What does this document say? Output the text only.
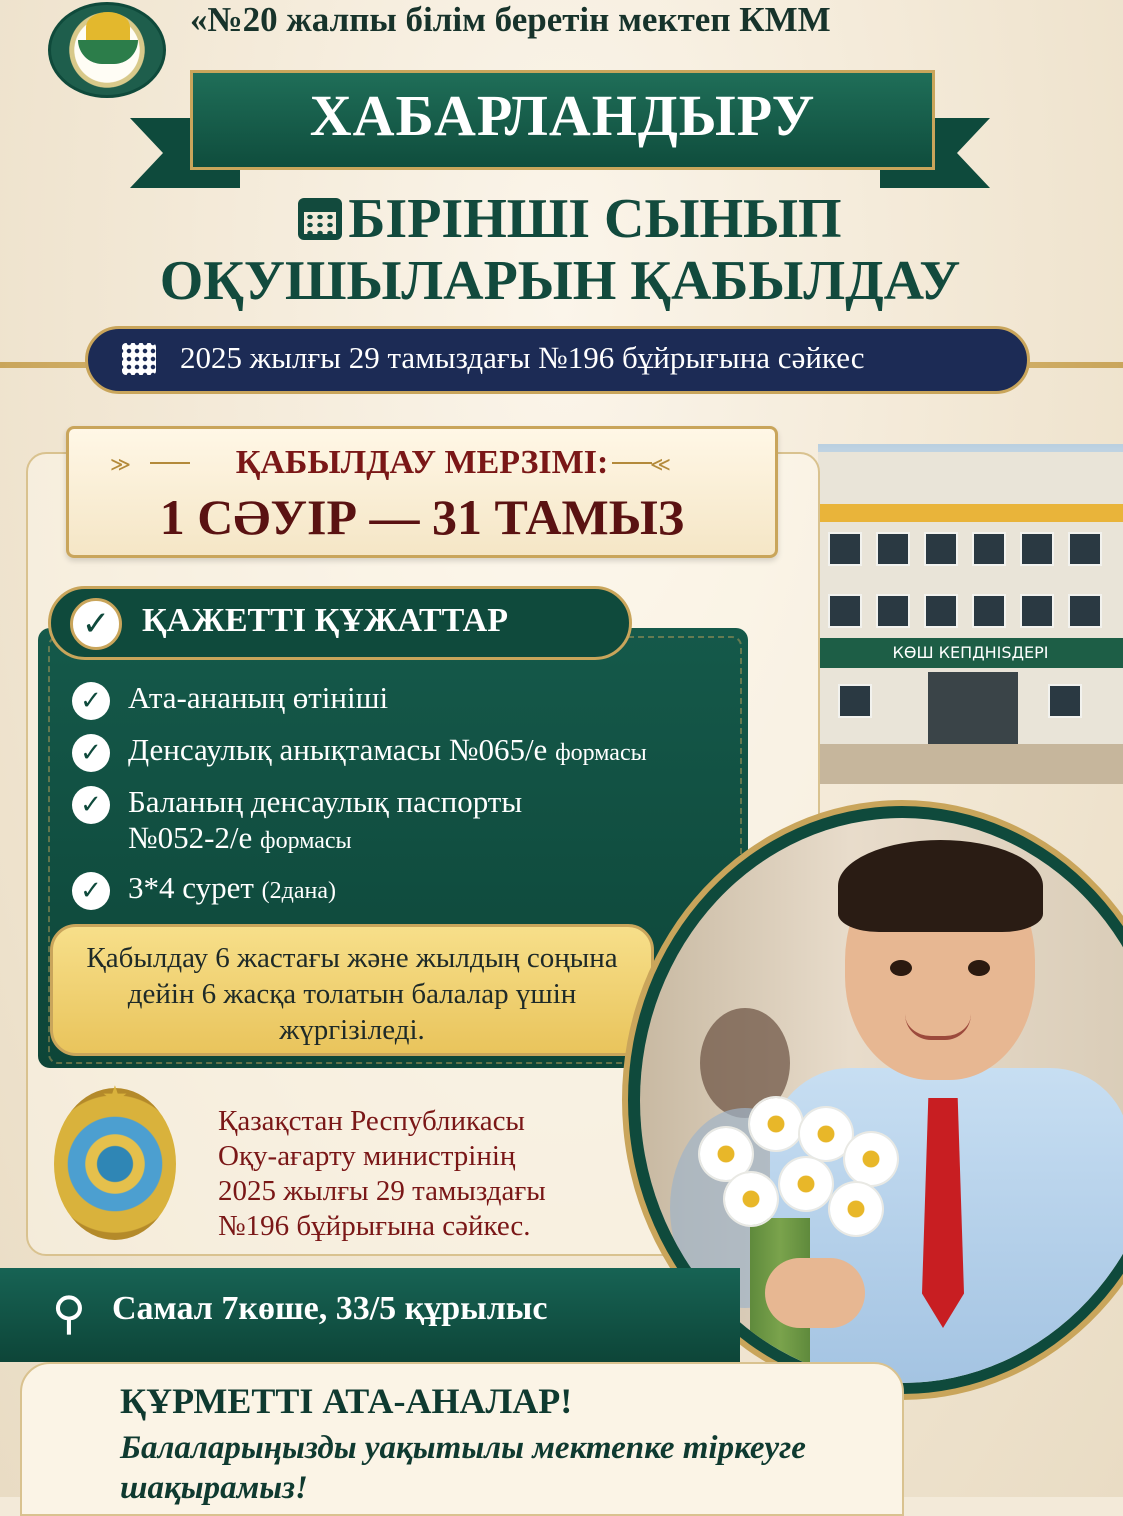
«№20 жалпы білім беретін мектеп КММ
ХАБАРЛАНДЫРУ
БІРІНШІ СЫНЫП
ОҚУШЫЛАРЫН ҚАБЫЛДАУ
2025 жылғы 29 тамыздағы №196 бұйрығына сәйкес
КӨШ КЕПДНІSДЕРІ
≫	≪
ҚАБЫЛДАУ МЕРЗІМІ:
1 СӘУІР — 31 ТАМЫЗ
✓ ҚАЖЕТТІ ҚҰЖАТТАР
✓ Ата-ананың өтініші
✓ Денсаулық анықтамасы №065/е формасы
✓ Баланың денсаулық паспорты
№052-2/е формасы
✓ 3*4 сурет (2дана)
Қабылдау 6 жастағы және жылдың соңына дейін 6 жасқа толатын балалар үшін жүргізіледі.
★
Қазақстан Республикасы
Оқу-ағарту министрінің
2025 жылғы 29 тамыздағы
№196 бұйрығына сәйкес.
⚲ Самал 7көше, 33/5 құрылыс
ҚҰРМЕТТІ АТА-АНАЛАР!
Балаларыңызды уақытылы мектепке тіркеуге шақырамыз!
